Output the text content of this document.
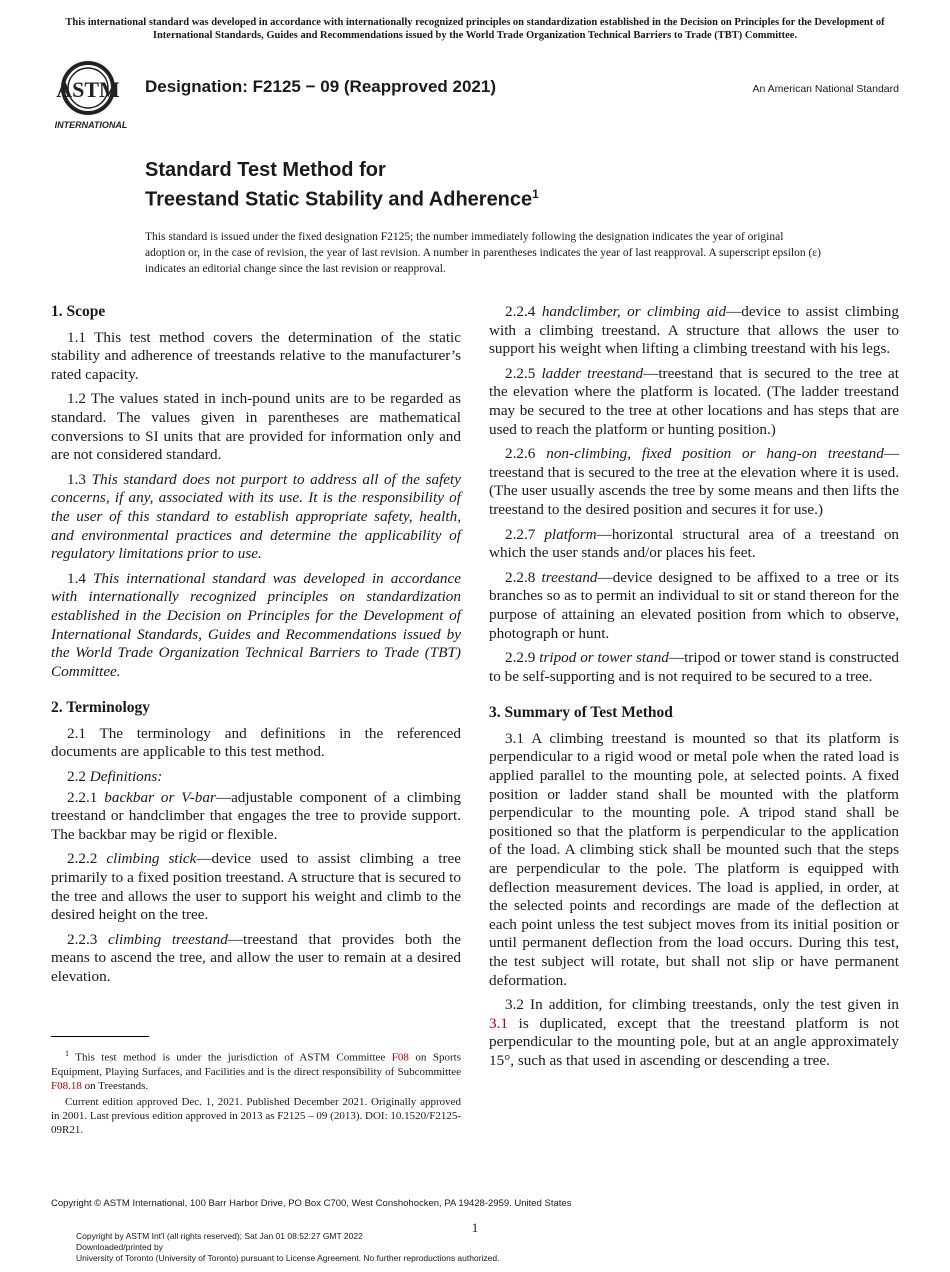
This international standard was developed in accordance with internationally recognized principles on standardization established in the Decision on Principles for the Development of International Standards, Guides and Recommendations issued by the World Trade Organization Technical Barriers to Trade (TBT) Committee.
ASTM
INTERNATIONAL
Designation: F2125 − 09 (Reapproved 2021)	An American National Standard
Standard Test Method for
Treestand Static Stability and Adherence$^1$
This standard is issued under the fixed designation F2125; the number immediately following the designation indicates the year of original adoption or, in the case of revision, the year of last revision. A number in parentheses indicates the year of last reapproval. A superscript epsilon (ε) indicates an editorial change since the last revision or reapproval.
1. Scope

1.1 This test method covers the determination of the static stability and adherence of treestands relative to the manufacturer’s rated capacity.

1.2 The values stated in inch-pound units are to be regarded as standard. The values given in parentheses are mathematical conversions to SI units that are provided for information only and are not considered standard.

1.3 This standard does not purport to address all of the safety concerns, if any, associated with its use. It is the responsibility of the user of this standard to establish appropriate safety, health, and environmental practices and determine the applicability of regulatory limitations prior to use.

1.4 This international standard was developed in accordance with internationally recognized principles on standardization established in the Decision on Principles for the Development of International Standards, Guides and Recommendations issued by the World Trade Organization Technical Barriers to Trade (TBT) Committee.

2. Terminology

2.1 The terminology and definitions in the referenced documents are applicable to this test method.

2.2 Definitions:

2.2.1 backbar or V-bar—adjustable component of a climbing treestand or handclimber that engages the tree to provide support. The backbar may be rigid or flexible.

2.2.2 climbing stick—device used to assist climbing a tree primarily to a fixed position treestand. A structure that is secured to the tree and allows the user to support his weight and climb to the desired height on the tree.

2.2.3 climbing treestand—treestand that provides both the means to ascend the tree, and allow the user to remain at a desired elevation.

2.2.4 handclimber, or climbing aid—device to assist climbing with a climbing treestand. A structure that allows the user to support his weight when lifting a climbing treestand with his legs.

2.2.5 ladder treestand—treestand that is secured to the tree at the elevation where the platform is located. (The ladder treestand may be secured to the tree at other locations and has steps that are used to reach the platform or hunting position.)

2.2.6 non-climbing, fixed position or hang-on treestand—treestand that is secured to the tree at the elevation where it is used. (The user usually ascends the tree by some means and then lifts the treestand to the desired position and secures it for use.)

2.2.7 platform—horizontal structural area of a treestand on which the user stands and/or places his feet.

2.2.8 treestand—device designed to be affixed to a tree or its branches so as to permit an individual to sit or stand thereon for the purpose of attaining an elevated position from which to observe, photograph or hunt.

2.2.9 tripod or tower stand—tripod or tower stand is constructed to be self-supporting and is not required to be secured to a tree.

3. Summary of Test Method

3.1 A climbing treestand is mounted so that its platform is perpendicular to a rigid wood or metal pole when the rated load is applied parallel to the mounting pole, at selected points. A fixed position or ladder stand shall be mounted with the platform perpendicular to the mounting pole. A tripod stand shall be positioned so that the platform is perpendicular to the application of the load. A climbing stick shall be mounted such that the steps are perpendicular to the pole. The platform is equipped with deflection measurement devices. The load is applied, in order, at the selected points and recordings are made of the deflection at each point unless the test subject moves from its initial position or until permanent deflection from the load occurs. During this test, the test subject will rotate, but shall not slip or have permanent deformation.

3.2 In addition, for climbing treestands, only the test given in 3.1 is duplicated, except that the treestand platform is not perpendicular to the mounting pole, but at an angle approximately 15°, such as that used in ascending or descending a tree.

$^1$ This test method is under the jurisdiction of ASTM Committee F08 on Sports Equipment, Playing Surfaces, and Facilities and is the direct responsibility of Subcommittee F08.18 on Treestands.

Current edition approved Dec. 1, 2021. Published December 2021. Originally approved in 2001. Last previous edition approved in 2013 as F2125 – 09 (2013). DOI: 10.1520/F2125-09R21.

Copyright © ASTM International, 100 Barr Harbor Drive, PO Box C700, West Conshohocken, PA 19428-2959. United States
1
Copyright by ASTM Int'l (all rights reserved); Sat Jan 01 08:52:27 GMT 2022
Downloaded/printed by
University of Toronto (University of Toronto) pursuant to License Agreement. No further reproductions authorized.
